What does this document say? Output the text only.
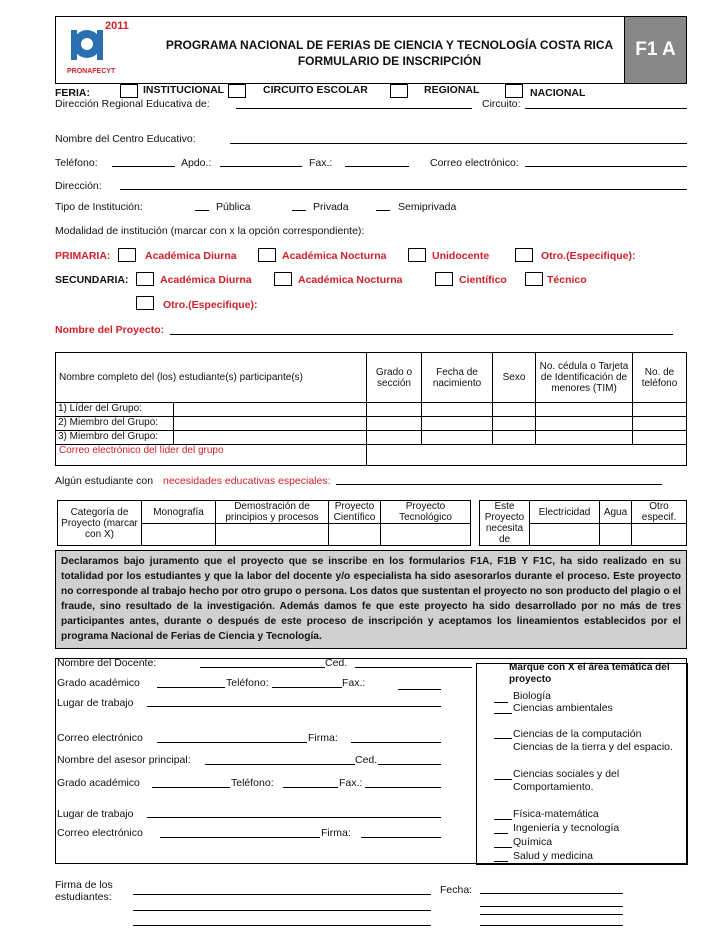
2011
PRONAFECYT
PROGRAMA NACIONAL DE FERIAS DE CIENCIA Y TECNOLOGÍA COSTA RICA
FORMULARIO DE INSCRIPCIÓN
F1 A
FERIA:	INSTITUCIONAL	CIRCUITO ESCOLAR	REGIONAL	NACIONAL
Dirección Regional Educativa de:	Circuito:
Nombre del Centro Educativo:
Teléfono:	Apdo.:	Fax.:	Correo electrónico:
Dirección:
Tipo de Institución:	Pública	Privada	Semiprivada
Modalidad de institución (marcar con x la opción correspondiente):
PRIMARIA:	Académica Diurna	Académica Nocturna	Unidocente	Otro.(Especifique):
SECUNDARIA:	Académica Diurna	Académica Nocturna	Científico	Técnico
Otro.(Especifique):
Nombre del Proyecto:
Nombre completo del (los) estudiante(s) participante(s)	Grado o sección	Fecha de nacimiento	Sexo	No. cédula o Tarjeta de Identificación de menores (TIM)	No. de teléfono

1) Líder del Grupo:					

2) Miembro del Grupo:					

3) Miembro del Grupo:					

Correo electrónico del líder del grupo					
Algún estudiante con necesidades educativas especiales:
Categoría de Proyecto (marcar con X)	Monografía	Demostración de principios y procesos	Proyecto Científico	Proyecto Tecnológico

Este Proyecto necesita de	Electricidad	Agua	Otro especif.

Declaramos bajo juramento que el proyecto que se inscribe en los formularios F1A, F1B Y F1C, ha sido realizado en su totalidad por los estudiantes y que la labor del docente y/o especialista ha sido asesorarlos durante el proceso. Este proyecto no corresponde al trabajo hecho por otro grupo o persona. Los datos que sustentan el proyecto no son producto del plagio o el fraude, sino resultado de la investigación. Además damos fe que este proyecto ha sido desarrollado por no más de tres participantes antes, durante o después de este proceso de inscripción y aceptamos los lineamientos establecidos por el programa Nacional de Ferias de Ciencia y Tecnología.
Nombre del Docente:	Ced.
Grado académico	Teléfono:	Fax.:
Lugar de trabajo
Correo electrónico	Firma:
Nombre del asesor principal:	Ced.
Grado académico	Teléfono:	Fax.:
Lugar de trabajo
Correo electrónico	Firma:
Marque con X el área temática del proyecto
Biología
Ciencias ambientales
Ciencias de la computación
Ciencias de la tierra y del espacio.
Ciencias sociales y del Comportamiento.
Física-matemática
Ingeniería y tecnología
Química
Salud y medicina
Firma de los estudiantes:
Fecha:
